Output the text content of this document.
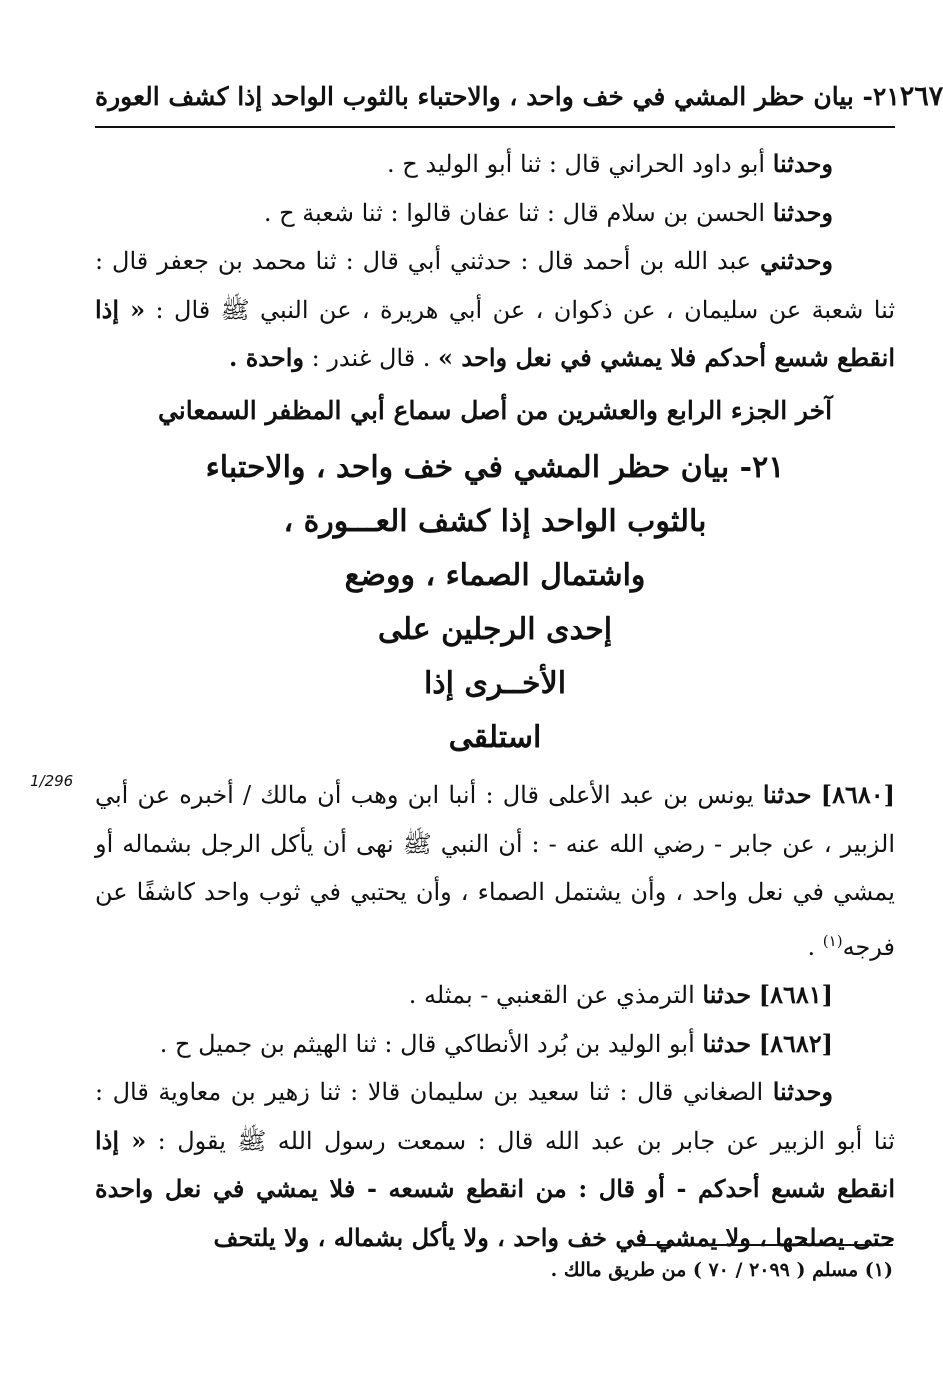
٢١- بيان حظر المشي في خف واحد ، والاحتباء بالثوب الواحد إذا كشف العورة ٢٦٧

وحدثنا أبو داود الحراني قال : ثنا أبو الوليد ح .

وحدثنا الحسن بن سلام قال : ثنا عفان قالوا : ثنا شعبة ح .

وحدثني عبد الله بن أحمد قال : حدثني أبي قال : ثنا محمد بن جعفر قال : ثنا شعبة عن سليمان ، عن ذكوان ، عن أبي هريرة ، عن النبي ﷺ قال : « إذا انقطع شسع أحدكم فلا يمشي في نعل واحد » . قال غندر : واحدة .

آخر الجزء الرابع والعشرين من أصل سماع أبي المظفر السمعاني

٢١- بيان حظر المشي في خف واحد ، والاحتباء
بالثوب الواحد إذا كشف العـــورة ،
واشتمال الصماء ، ووضع
إحدى الرجلين على
الأخــرى إذا
استلقى

[٨٦٨٠] حدثنا يونس بن عبد الأعلى قال : أنبا ابن وهب أن مالك / أخبره عن أبي الزبير ، عن جابر - رضي الله عنه - : أن النبي ﷺ نهى أن يأكل الرجل بشماله أو يمشي في نعل واحد ، وأن يشتمل الصماء ، وأن يحتبي في ثوب واحد كاشفًا عن فرجه$^{(١)}$ .

[٨٦٨١] حدثنا الترمذي عن القعنبي - بمثله .

[٨٦٨٢] حدثنا أبو الوليد بن بُرد الأنطاكي قال : ثنا الهيثم بن جميل ح .

وحدثنا الصغاني قال : ثنا سعيد بن سليمان قالا : ثنا زهير بن معاوية قال : ثنا أبو الزبير عن جابر بن عبد الله قال : سمعت رسول الله ﷺ يقول : « إذا انقطع شسع أحدكم - أو قال : من انقطع شسعه - فلا يمشي في نعل واحدة حتى يصلحها ، ولا يمشي في خف واحد ، ولا يأكل بشماله ، ولا يلتحف

1/296
(١) مسلم ( ٢٠٩٩ / ٧٠ ) من طريق مالك .
